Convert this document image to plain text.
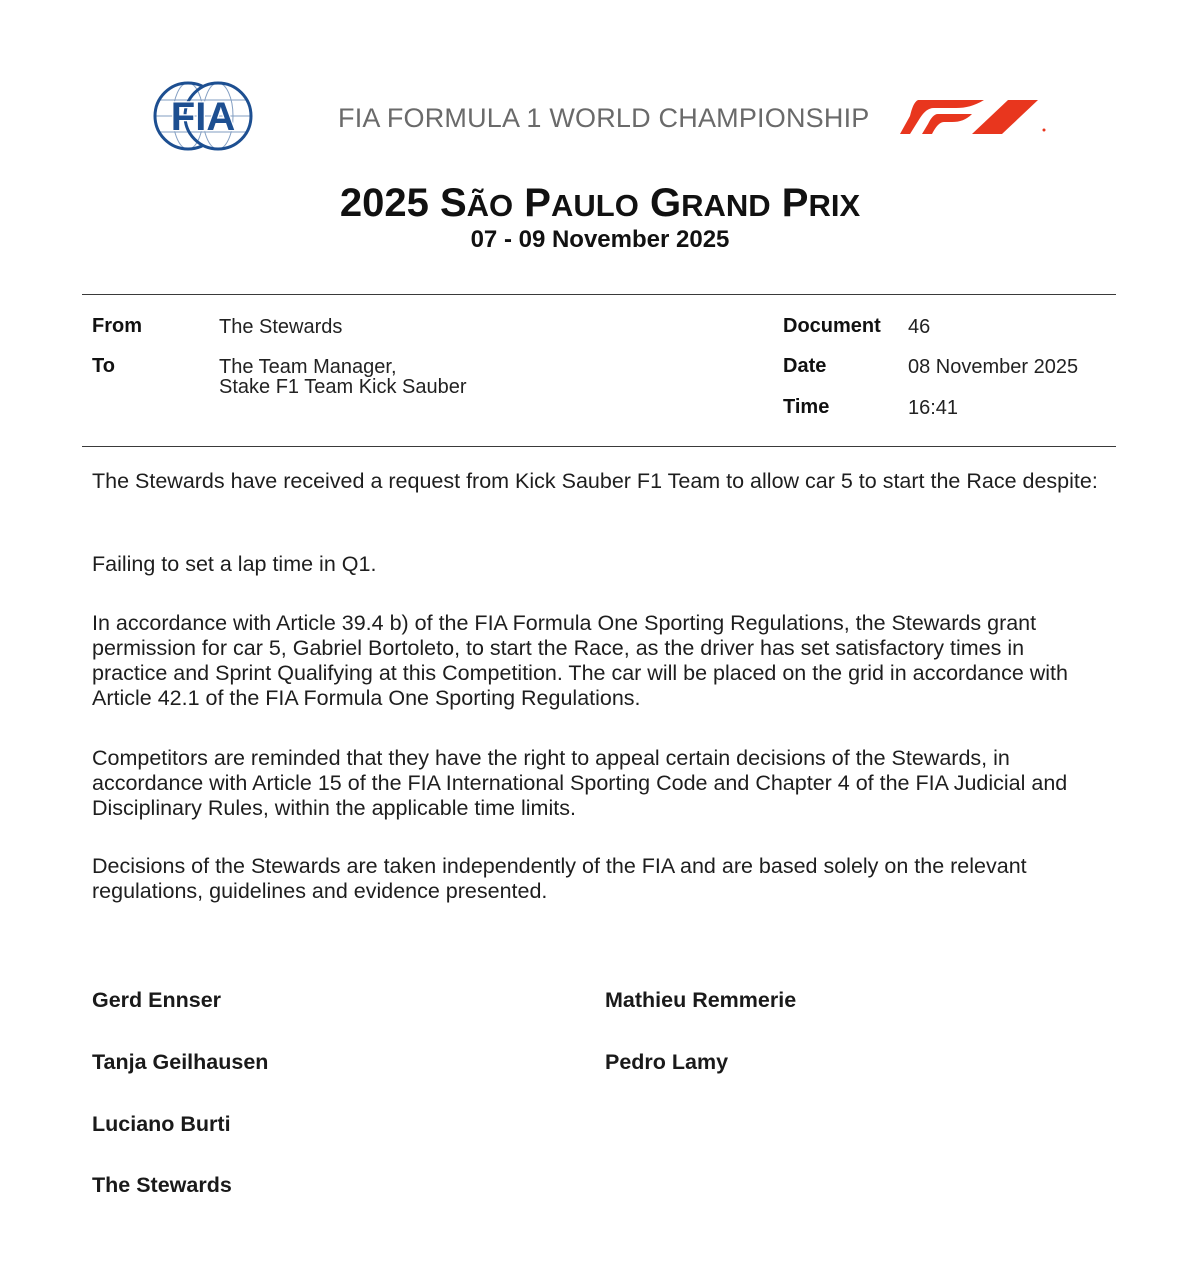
FIA	FIA FORMULA 1 WORLD CHAMPIONSHIP
2025 SÃO PAULO GRAND PRIX
07 - 09 November 2025
From	The Stewards
To	The Team Manager,
Stake F1 Team Kick Sauber
Document 46
Date	08 November 2025
Time	16:41

The Stewards have received a request from Kick Sauber F1 Team to allow car 5 to start the Race despite:

Failing to set a lap time in Q1.

In accordance with Article 39.4 b) of the FIA Formula One Sporting Regulations, the Stewards grant permission for car 5, Gabriel Bortoleto, to start the Race, as the driver has set satisfactory times in practice and Sprint Qualifying at this Competition. The car will be placed on the grid in accordance with Article 42.1 of the FIA Formula One Sporting Regulations.

Competitors are reminded that they have the right to appeal certain decisions of the Stewards, in accordance with Article 15 of the FIA International Sporting Code and Chapter 4 of the FIA Judicial and Disciplinary Rules, within the applicable time limits.

Decisions of the Stewards are taken independently of the FIA and are based solely on the relevant regulations, guidelines and evidence presented.

Gerd Ennser
Tanja Geilhausen
Luciano Burti
The Stewards
Mathieu Remmerie
Pedro Lamy
